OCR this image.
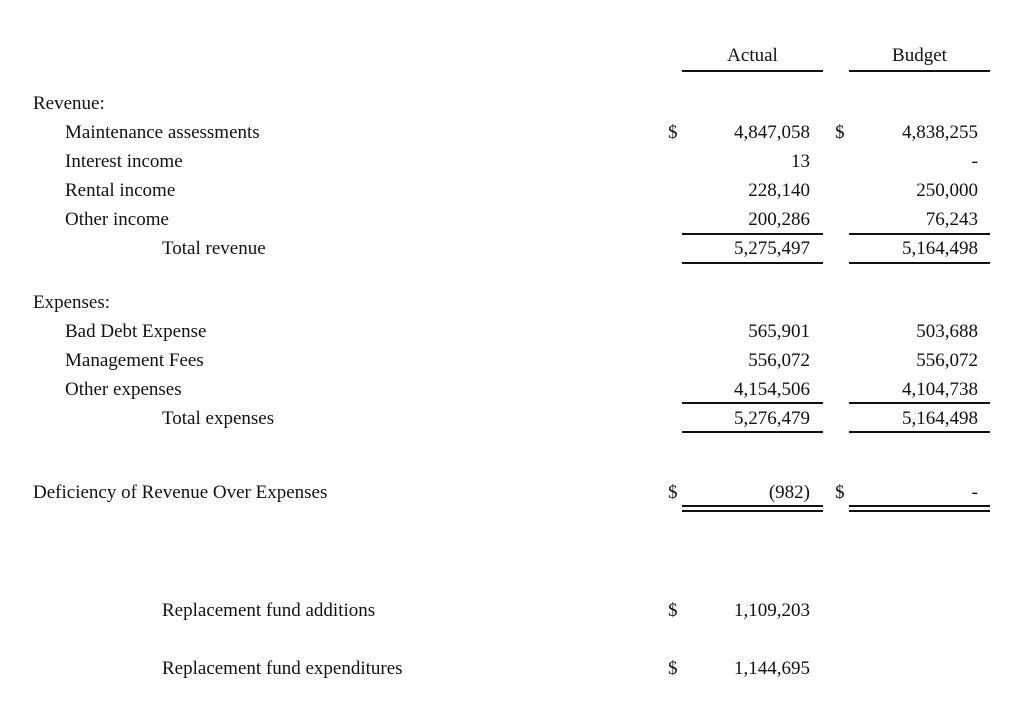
Actual	Budget
Revenue:
Maintenance assessments	$	4,847,058 $	4,838,255
Interest income	13	-
Rental income	228,140	250,000
Other income	200,286	76,243
Total revenue	5,275,497	5,164,498
Expenses:
Bad Debt Expense	565,901	503,688
Management Fees	556,072	556,072
Other expenses	4,154,506	4,104,738
Total expenses	5,276,479	5,164,498
Deficiency of Revenue Over Expenses	$	(982) $	-
Replacement fund additions	$	1,109,203
Replacement fund expenditures	$	1,144,695
